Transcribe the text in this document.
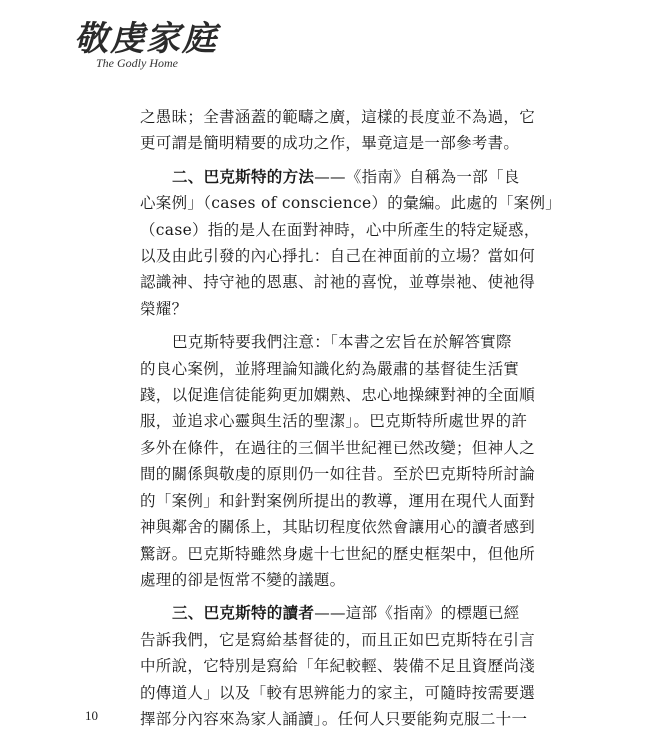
敬虔家庭
The Godly Home
之愚昧；全書涵蓋的範疇之廣，這樣的長度並不為過，它
更可謂是簡明精要的成功之作，畢竟這是一部參考書。
二、巴克斯特的方法——《指南》自稱為一部「良
心案例」（cases of conscience）的彙編。此處的「案例」
（case）指的是人在面對神時，心中所產生的特定疑惑，
以及由此引發的內心掙扎：自己在神面前的立場？當如何
認識神、持守祂的恩惠、討祂的喜悅，並尊崇祂、使祂得
榮耀？
巴克斯特要我們注意：「本書之宏旨在於解答實際
的良心案例，並將理論知識化約為嚴肅的基督徒生活實
踐，以促進信徒能夠更加嫻熟、忠心地操練對神的全面順
服，並追求心靈與生活的聖潔」。巴克斯特所處世界的許
多外在條件，在過往的三個半世紀裡已然改變；但神人之
間的關係與敬虔的原則仍一如往昔。至於巴克斯特所討論
的「案例」和針對案例所提出的教導，運用在現代人面對
神與鄰舍的關係上，其貼切程度依然會讓用心的讀者感到
驚訝。巴克斯特雖然身處十七世紀的歷史框架中，但他所
處理的卻是恆常不變的議題。
三、巴克斯特的讀者——這部《指南》的標題已經
告訴我們，它是寫給基督徒的，而且正如巴克斯特在引言
中所說，它特別是寫給「年紀較輕、裝備不足且資歷尚淺
的傳道人」以及「較有思辨能力的家主，可隨時按需要選
擇部分內容來為家人誦讀」。任何人只要能夠克服二十一
10
